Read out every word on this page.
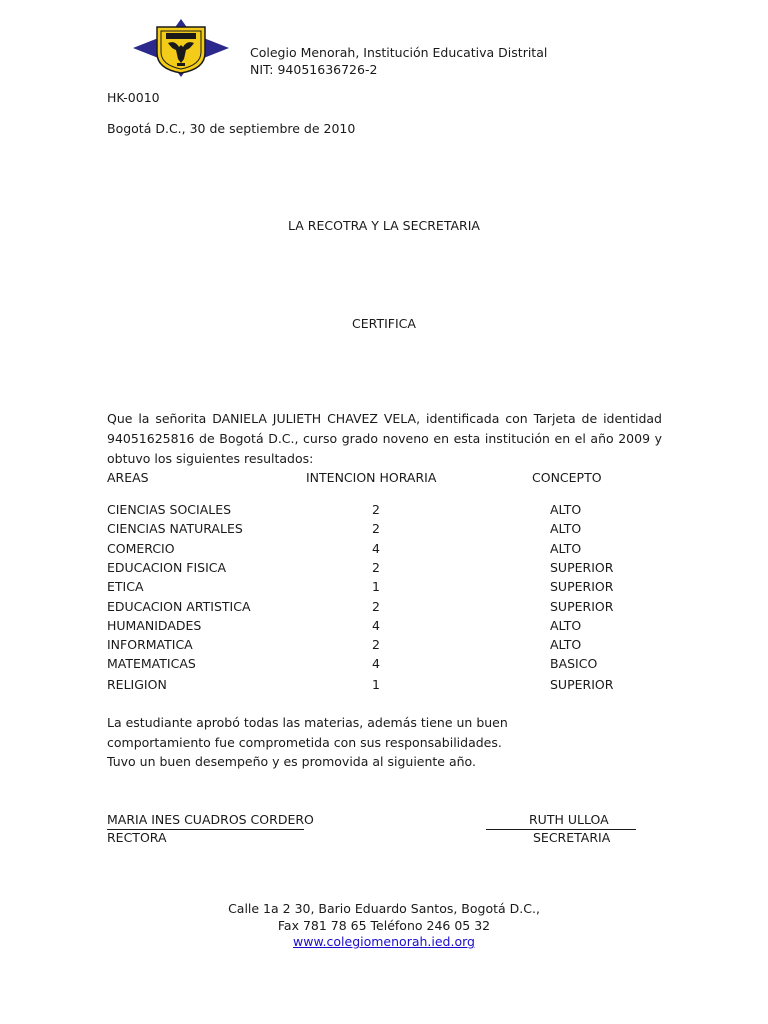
Colegio Menorah, Institución Educativa Distrital
NIT: 94051636726-2
HK-0010
Bogotá D.C., 30 de septiembre de 2010
LA RECOTRA Y LA SECRETARIA
CERTIFICA
Que la señorita DANIELA JULIETH CHAVEZ VELA, identificada con Tarjeta de identidad 94051625816 de Bogotá D.C., curso grado noveno en esta institución en el año 2009 y obtuvo los siguientes resultados:
AREAS	INTENCION HORARIA	CONCEPTO
CIENCIAS SOCIALES	2	ALTO
CIENCIAS NATURALES	2	ALTO
COMERCIO	4	ALTO
EDUCACION FISICA	2	SUPERIOR
ETICA	1	SUPERIOR
EDUCACION ARTISTICA	2	SUPERIOR
HUMANIDADES	4	ALTO
INFORMATICA	2	ALTO
MATEMATICAS	4	BASICO
RELIGION	1	SUPERIOR
La estudiante aprobó todas las materias, además tiene un buen comportamiento fue comprometida con sus responsabilidades.
Tuvo un buen desempeño y es promovida al siguiente año.
MARIA INES CUADROS CORDERO
RECTORA
RUTH ULLOA
SECRETARIA
Calle 1a 2 30, Bario Eduardo Santos, Bogotá D.C.,
Fax 781 78 65 Teléfono 246 05 32
www.colegiomenorah.ied.org
